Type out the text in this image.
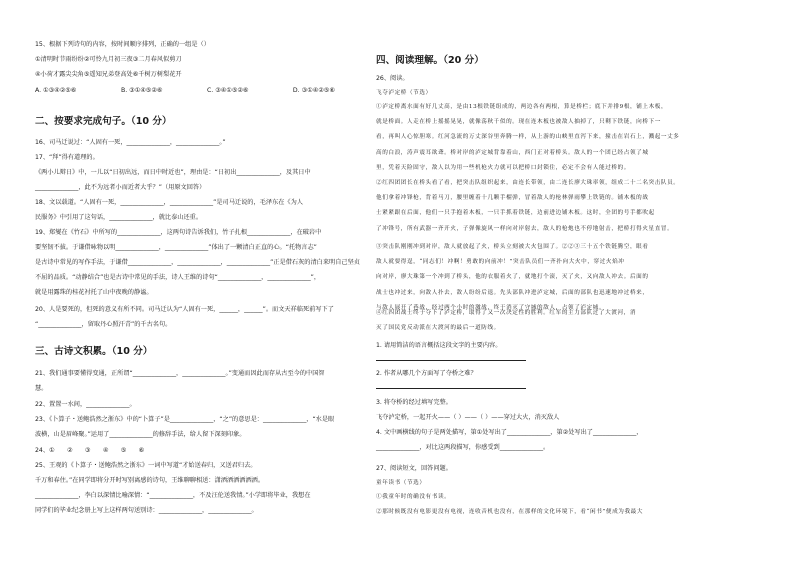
15、根据下列诗句的内容，按时间顺序排列，正确的一组是（）
①清明时节雨纷纷②可怜九月初三夜③二月春风似剪刀
④小荷才露尖尖角⑤遥知兄弟登高处⑥千树万树梨花开
A. ①③④②⑤⑥	B. ③①④⑤②⑥	C. ③④①⑤②⑥	D. ③①④②⑤⑥
二、按要求完成句子。（10 分）
16、司马迁说过：“人固有一死，______________，______________。”
17、“拜”得有道理的。
《两小儿辩日》中，一儿以“日初出远，而日中时近也”，理由是：“日初出______________，及其日中
______________，此不为远者小而近者大乎？”（用原文回答）
18、文以载道。“人固有一死，______________，______________”是司马迁说的，毛泽东在《为人
民服务》中引用了这句话，______________，就比泰山还重。
19、郑燮在《竹石》中所写的______________，这两句诗告诉我们，竹子扎根______________，在破岩中
要坚韧不拔。于谦借咏物以明______________，______________”体出了一颗清白正直的心。“托物言志”
是古诗中常见的写作手法，于谦借______________，______________，______________”正是借石灰的清白来明自己坚贞
不屈的品质。“动静结合”也是古诗中常见的手法，诗人王维的诗句“______________，______________”，
就是用露珠的桂花衬托了山中夜晚的静谧。
20、人是要死的，但死的意义有所不同。司马迁认为“人固有一死，______，______”。而文天祥临死前写下了
“______________，留取丹心照汗青”的千古名句。
三、古诗文积累。（10 分）
21、我们通事要懂得变通，正所谓“______________，______________。”变通而因此而存从古至今的中国智
慧。
22、置置一水间，______________。
23、《卜算子・送鲍浩然之浙东》中的“卜算子”是______________，“之”的意思是：______________，“水是眼
波横，山是眉峰聚。”运用了______________的修辞手法，给人留下深刻印象。
24、①　　②　　③　　④　　⑤　　⑥
25、王观的《卜算子・送鲍浩然之浙东》一词中写道“才始送春归，又送君归去。
千万和春住。”在同学即将分开时写别离感的诗句，王维聊聊相送：潇洒洒洒洒洒洒。
______________，李白以深情比喻深情：“______________，不及汪伦送我情。”小学即将毕业，我想在
同学们的毕业纪念册上写上这样两句送别诗：______________，______________。
四、阅读理解。（20 分）
26、阅读。
飞夺泸定桥（节选）
①泸定桥离水面有好几丈高，是由13根铁链组成的，两边各有两根，算是桥栏；底下并排9根，铺上木板，
就是桥面。人走在桥上摇摇晃晃，就像荡秋千似的。现在连木板也被敌人抽掉了，只剩下铁链，向桥下一
看，再叫人心惊胆寒。红河急流的万丈深谷里奔腾一样，从上游的山峡里直泻下来，撞击在岩石上，溅起一丈多
高的白浪，涛声震耳欲聋。桥对岸的泸定城背靠着山，西门正对着桥头。敌人的一个团已经占领了城
里，凭着天险固守，敌人以为用一些机枪火力就可以把桥口封锁住，必定不会有人能过桥的。
②红四团团长在桥头看了看，把突击队组织起来，由连长带领，由二连长廖大珠率领，组成二十二名突击队员。
他们拿着冲锋枪，背着马刀，腰里缠着十几颗手榴弹，冒着敌人的枪林弹雨攀上铁链的。铺木板的战
士紧紧跟在后面，他们一只手抱着木板，一只手抓着铁链，边前进边铺木板。这时，全团的号手都吹起
了冲锋号，所有武器一齐开火，子弹像旋风一样向对岸射去，敌人的枪炮也不停地射击，把桥打得火星直冒。
③突击队刚刚冲到对岸，敌人就放起了火，桥头立刻被大火包围了。②②③三十五个铁链腾空，眼看
敌人就要得逞，“同志们！冲啊！勇敢的向前冲！”突击队员们一齐扑向大火中，穿过火焰冲
向对岸，廖大珠第一个冲到了桥头，他的衣服着火了，就地打个滚，灭了火，又向敌人冲去。后面的
战士也冲过来，向敌人扑去，敌人纷纷后退。先头部队冲进泸定城，后面的部队也迅速地冲过桥来，
与敌人展开了巷战，经过两个小时的激战，终于消灭了守城的敌人，占领了泸定城。
④红四团战士终于夺下了泸定桥，取得了又一次决定性的胜利。红军的主力部队过了大渡河，消
灭了国民党反动派在大渡河的最后一道防线。
1. 请用简洁的语言概括这段文字的主要内容。
2. 作者从哪几个方面写了夺桥之难？
3. 将夺桥的经过填写完整。
飞夺泸定桥，一起开火——（ ）——（ ）——穿过大火，消灭敌人
4. 文中画横线的句子是两处描写，第①处写出了______________，第②处写出了______________，
______________，对比这两段描写，你感受到______________。
27、阅读短文，回答问题。
童年读书（节选）
①我童年时的确没有书读。
②那时候既没有电影更没有电视，连收音机也没有，在那样的文化环境下，看“闲书”便成为我最大
